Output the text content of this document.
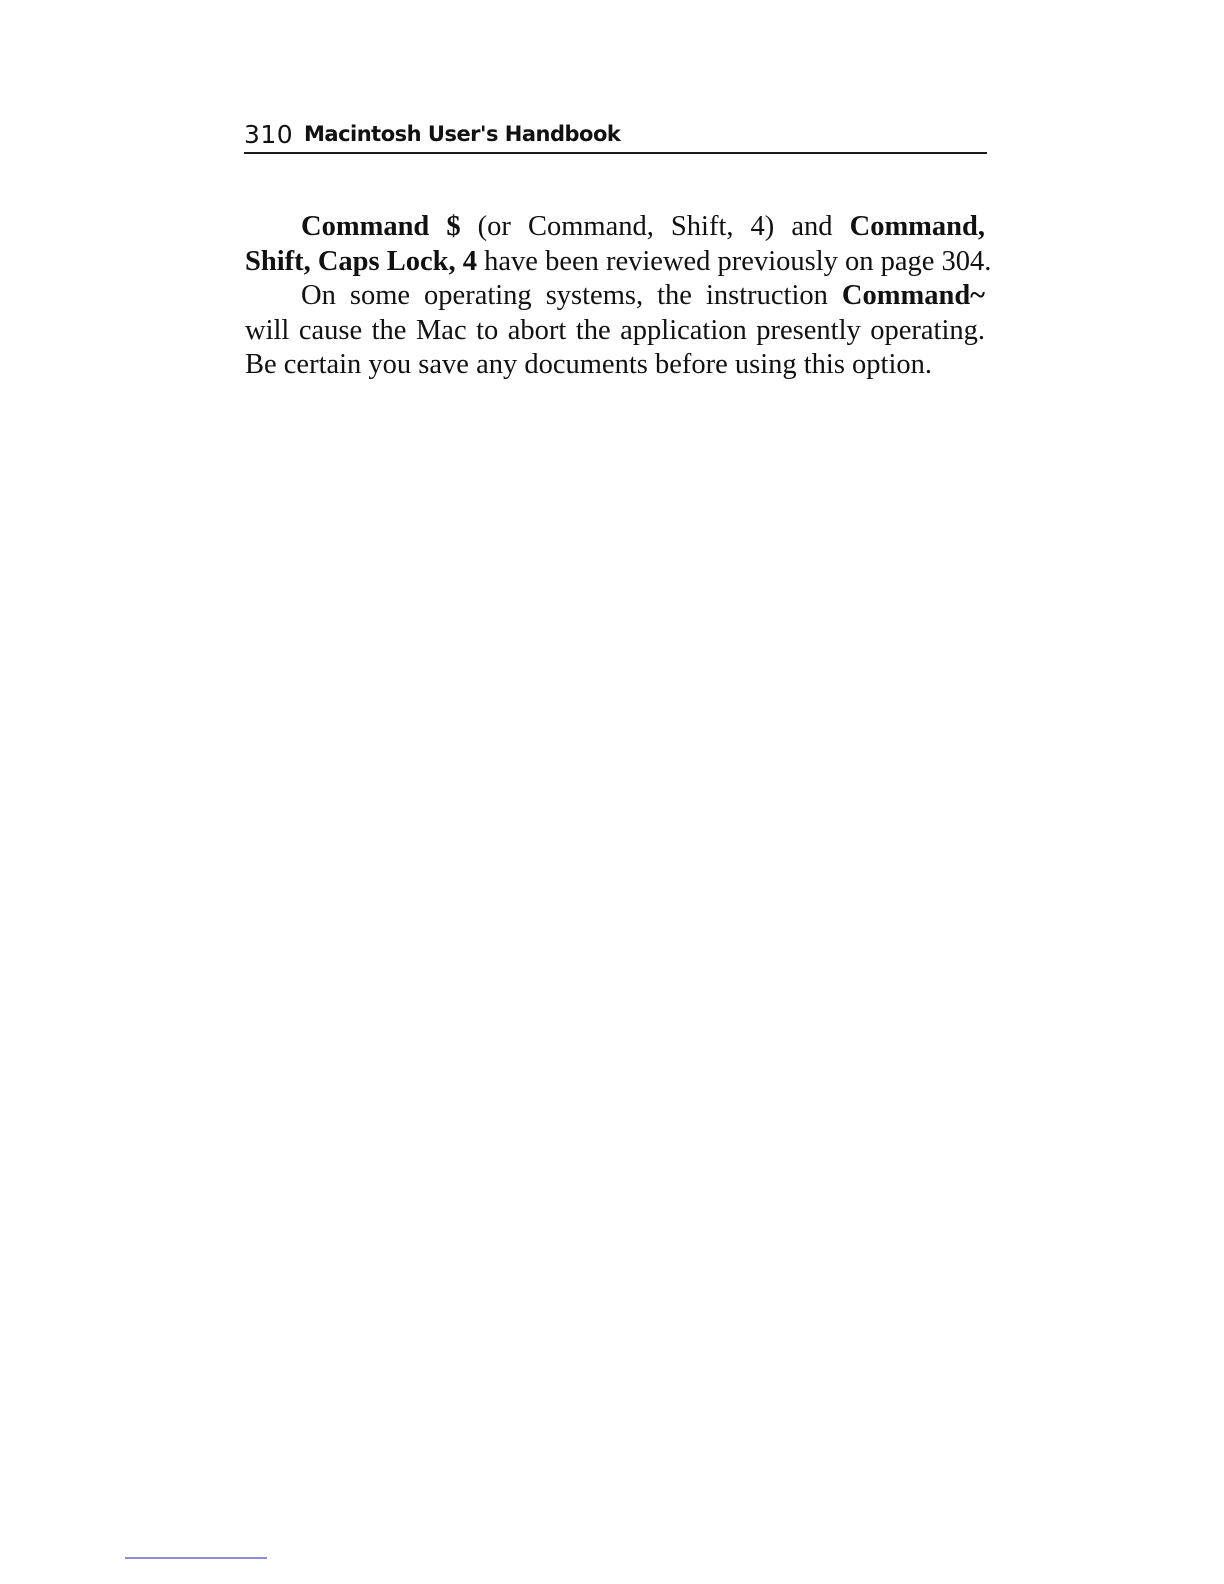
310 Macintosh User's Handbook
Command $ (or Command, Shift, 4) and Command,
Shift, Caps Lock, 4 have been reviewed previously on page 304.
On some operating systems, the instruction Command~
will cause the Mac to abort the application presently operating.
Be certain you save any documents before using this option.
